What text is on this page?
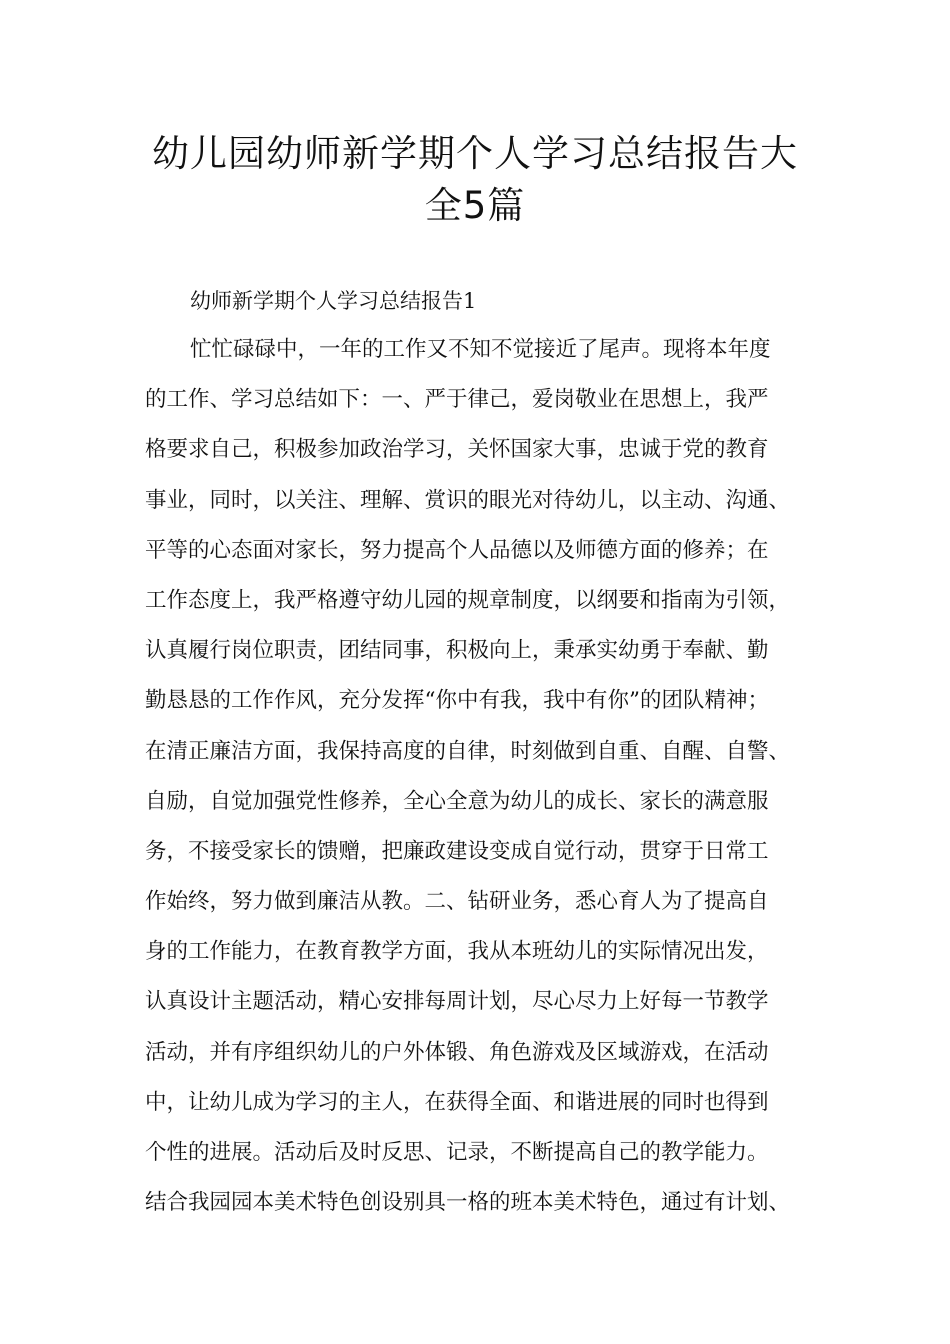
幼儿园幼师新学期个人学习总结报告大
全5篇

幼师新学期个人学习总结报告1

忙忙碌碌中，一年的工作又不知不觉接近了尾声。现将本年度
的工作、学习总结如下：一、严于律己，爱岗敬业在思想上，我严
格要求自己，积极参加政治学习，关怀国家大事，忠诚于党的教育
事业，同时，以关注、理解、赏识的眼光对待幼儿，以主动、沟通、
平等的心态面对家长，努力提高个人品德以及师德方面的修养；在
工作态度上，我严格遵守幼儿园的规章制度，以纲要和指南为引领，
认真履行岗位职责，团结同事，积极向上，秉承实幼勇于奉献、勤
勤恳恳的工作作风，充分发挥“你中有我，我中有你”的团队精神；
在清正廉洁方面，我保持高度的自律，时刻做到自重、自醒、自警、
自励，自觉加强党性修养，全心全意为幼儿的成长、家长的满意服
务，不接受家长的馈赠，把廉政建设变成自觉行动，贯穿于日常工
作始终，努力做到廉洁从教。二、钻研业务，悉心育人为了提高自
身的工作能力，在教育教学方面，我从本班幼儿的实际情况出发，
认真设计主题活动，精心安排每周计划，尽心尽力上好每一节教学
活动，并有序组织幼儿的户外体锻、角色游戏及区域游戏，在活动
中，让幼儿成为学习的主人，在获得全面、和谐进展的同时也得到
个性的进展。活动后及时反思、记录，不断提高自己的教学能力。
结合我园园本美术特色创设别具一格的班本美术特色，通过有计划、
